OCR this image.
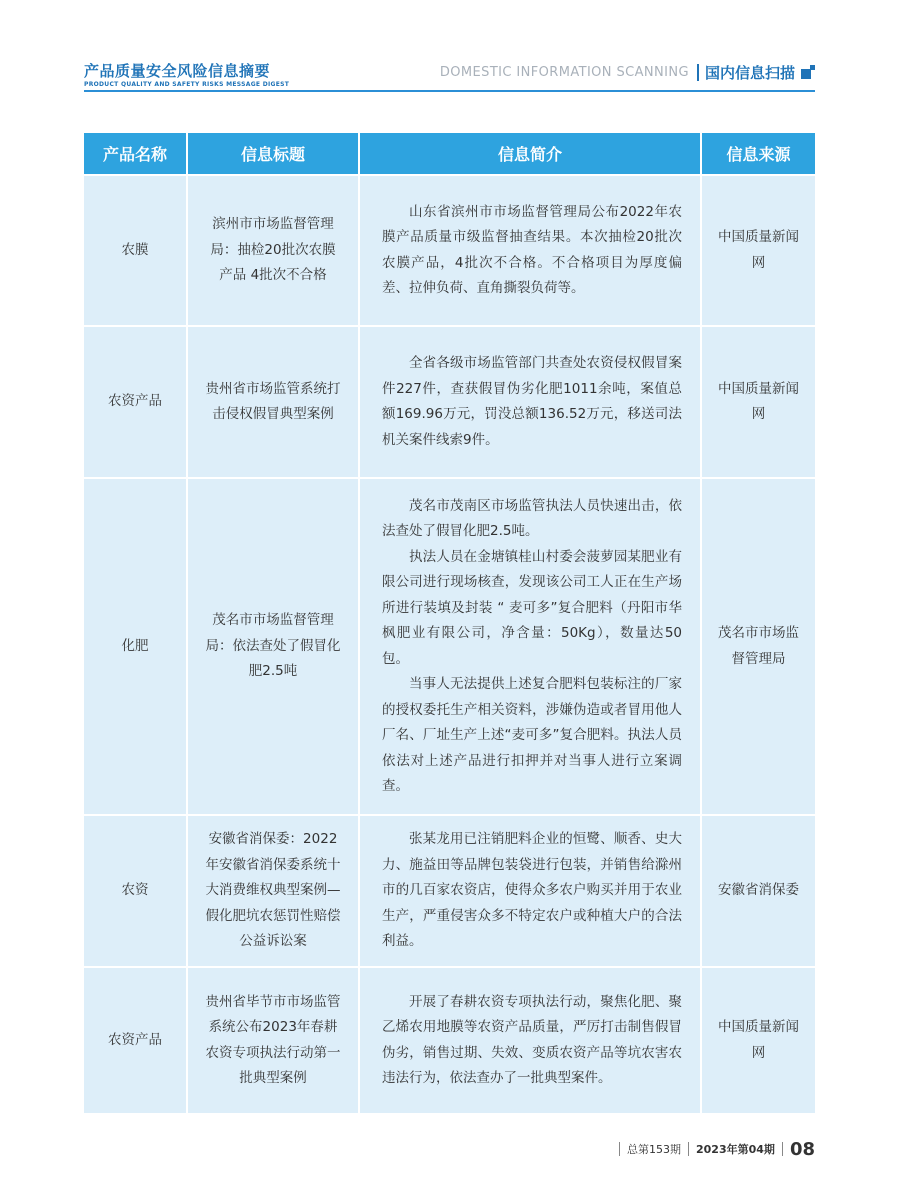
产品质量安全风险信息摘要
PRODUCT QUALITY AND SAFETY RISKS MESSAGE DIGEST
DOMESTIC INFORMATION SCANNING 国内信息扫描
产品名称	信息标题	信息简介	信息来源
农膜	滨州市市场监督管理局：抽检20批次农膜产品 4批次不合格	山东省滨州市市场监督管理局公布2022年农膜产品质量市级监督抽查结果。本次抽检20批次农膜产品，4批次不合格。不合格项目为厚度偏差、拉伸负荷、直角撕裂负荷等。	中国质量新闻网
农资产品	贵州省市场监管系统打击侵权假冒典型案例	全省各级市场监管部门共查处农资侵权假冒案件227件，查获假冒伪劣化肥1011余吨，案值总额169.96万元，罚没总额136.52万元，移送司法机关案件线索9件。	中国质量新闻网
化肥	茂名市市场监督管理局：依法查处了假冒化肥2.5吨	茂名市茂南区市场监管执法人员快速出击，依法查处了假冒化肥2.5吨。

执法人员在金塘镇桂山村委会菠萝园某肥业有限公司进行现场核查，发现该公司工人正在生产场所进行装填及封装 “ 麦可多”复合肥料（丹阳市华枫肥业有限公司，净含量：50Kg），数量达50包。

当事人无法提供上述复合肥料包装标注的厂家的授权委托生产相关资料，涉嫌伪造或者冒用他人厂名、厂址生产上述“麦可多”复合肥料。执法人员依法对上述产品进行扣押并对当事人进行立案调查。	茂名市市场监督管理局
农资	安徽省消保委：2022年安徽省消保委系统十大消费维权典型案例—假化肥坑农惩罚性赔偿公益诉讼案	张某龙用已注销肥料企业的恒鹭、顺香、史大力、施益田等品牌包装袋进行包装，并销售给滁州市的几百家农资店，使得众多农户购买并用于农业生产，严重侵害众多不特定农户或种植大户的合法利益。	安徽省消保委
农资产品	贵州省毕节市市场监管系统公布2023年春耕农资专项执法行动第一批典型案例	开展了春耕农资专项执法行动，聚焦化肥、聚乙烯农用地膜等农资产品质量，严厉打击制售假冒伪劣，销售过期、失效、变质农资产品等坑农害农违法行为，依法查办了一批典型案件。	中国质量新闻网
总第153期 2023年第04期 08
